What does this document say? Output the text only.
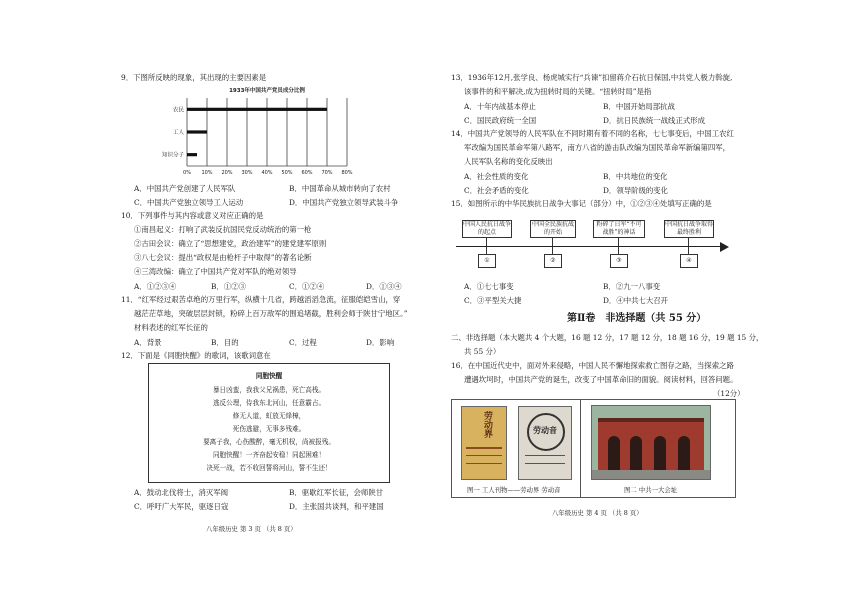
9．下图所反映的现象，其出现的主要因素是
1933年中国共产党员成分比例
0% 10% 20% 30% 40% 50% 60% 70% 80%
农民
工人
知识分子
A．中国共产党创建了人民军队	B．中国革命从城市转向了农村
C．中国共产党独立领导工人运动	D．中国共产党独立领导武装斗争
10．下列事件与其内容或意义对应正确的是
①南昌起义：打响了武装反抗国民党反动统治的第一枪
②古田会议：确立了“思想建党，政治建军”的建党建军原则
③八七会议：提出“政权是由枪杆子中取得”的著名论断
④三湾改编：确立了中国共产党对军队的绝对领导
A．①②③④	B．①②③	C．①②④	D．①③④
11．“红军经过艰苦卓绝的万里行军，纵横十几省，跨越滔滔急流，征服皑皑雪山，穿
越茫茫草地，突破层层封锁，粉碎上百万敌军的围追堵截，胜利会师于陕甘宁地区。”
材料表述的红军长征的
A．背景	B．目的	C．过程	D．影响
12．下面是《同胞快醒》的歌词，该歌词意在
同胞快醒
暴日凶蛮，我我父兄祸患，死亡高栈。
逃反公理，侍我东北河山，任意霸占。
修无人道，虹放无烽樟，
死伤逃避，无事多残难。
要离子我，心伤酸醉，毫无机权，尚被报残。
同胞快醒！一齐奋起安稳！同起困难！
决死一战，若不收回誓将河山，誓不生还！
A．鼓动北伐将士，消灭军阀	B．驱歇红军长征，会师陕甘
C．呼吁广大军民，驱逐日寇	D．主张国共谈判，和平建国
八年级历史 第 3 页 （共 8 页）
13．1936年12月,张学良、杨虎城实行“兵谏”扣留蒋介石抗日保国,中共党人极力斡旋,
该事件的和平解决,成为扭转时局的关键。“扭转时局”是指
A．十年内战基本停止	B．中国开始局部抗战
C．国民政府统一全国	D．抗日民族统一战线正式形成
14．中国共产党领导的人民军队在不同时期有着不同的名称，七七事变后，中国工农红
军改编为国民革命军第八路军，南方八省的游击队改编为国民革命军新编第四军，
人民军队名称的变化反映出
A．社会性质的变化	B．中共地位的变化
C．社会矛盾的变化	D．领导阶级的变化
15．如图所示的中华民族抗日战争大事记（部分）中，①②③④处填写正确的是
中国人民抗日战争的起点
①
中国全民族抗战的开始
②
粉碎了日军“不可战胜”的神话
③
中国抗日战争取得最终胜利
④
A．①七七事变	B．②九一八事变
C．③平型关大捷	D．④中共七大召开
第Ⅱ卷　非选择题（共 55 分）
二、非选择题（本大题共 4 个大题，16 题 12 分，17 题 12 分，18 题 16 分，19 题 15 分，
共 55 分）
16．在中国近代史中，面对外来侵略，中国人民不懈地探索救亡图存之路，当探索之路
遭遇坎坷时，中国共产党的诞生，改变了中国革命旧的面貌。阅读材料，回答问题。
（12分）
劳动界	劳动音
图一 工人刊物——劳动界 劳动音	图二 中共一大会址
八年级历史 第 4 页 （共 8 页）
